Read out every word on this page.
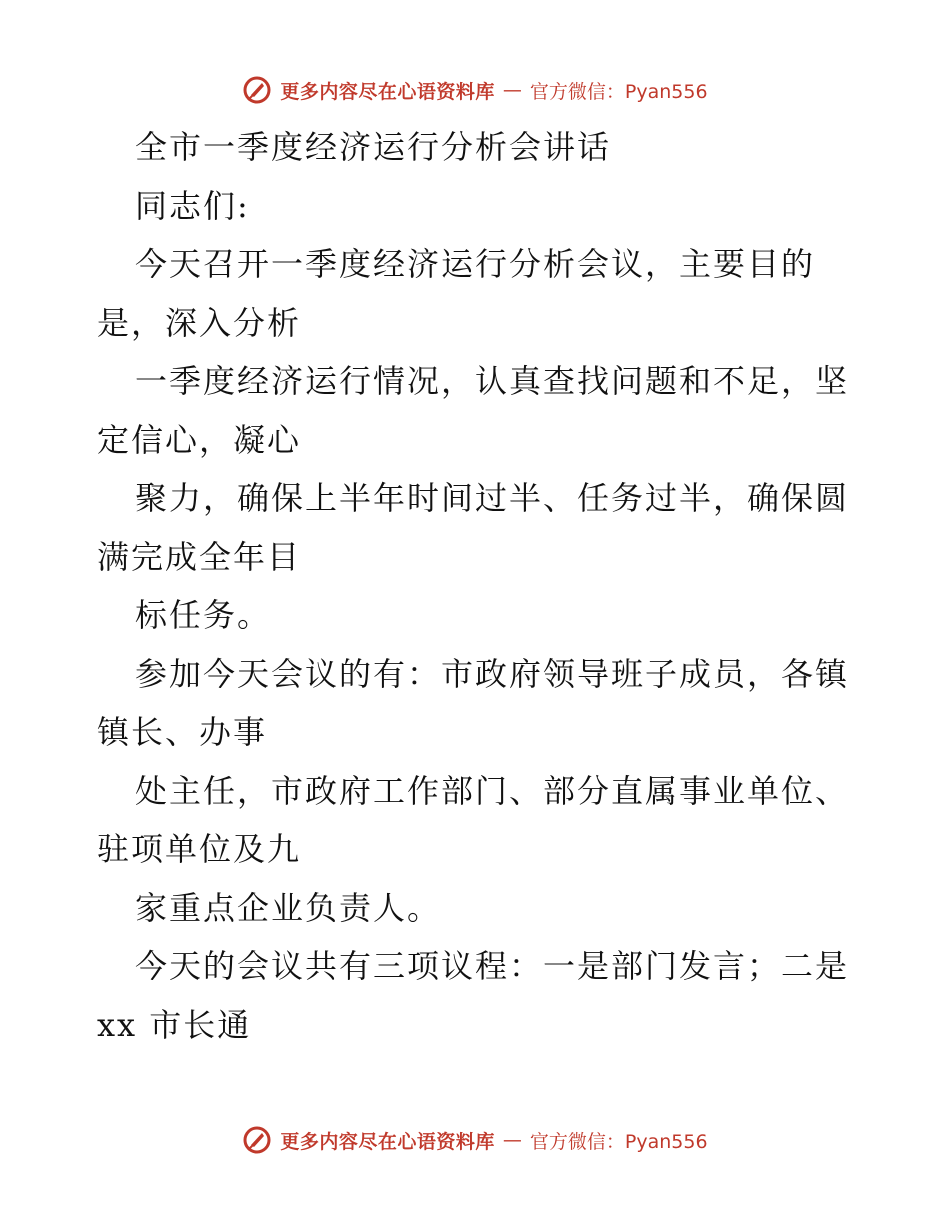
更多内容尽在心语资料库 — 官方微信：Pyan556
全市一季度经济运行分析会讲话
同志们:
今天召开一季度经济运行分析会议，主要目的
是，深入分析
一季度经济运行情况，认真查找问题和不足，坚
定信心，凝心
聚力，确保上半年时间过半、任务过半，确保圆
满完成全年目
标任务。
参加今天会议的有：市政府领导班子成员，各镇
镇长、办事
处主任，市政府工作部门、部分直属事业单位、
驻项单位及九
家重点企业负责人。
今天的会议共有三项议程：一是部门发言；二是
xx 市长通
更多内容尽在心语资料库 — 官方微信：Pyan556
